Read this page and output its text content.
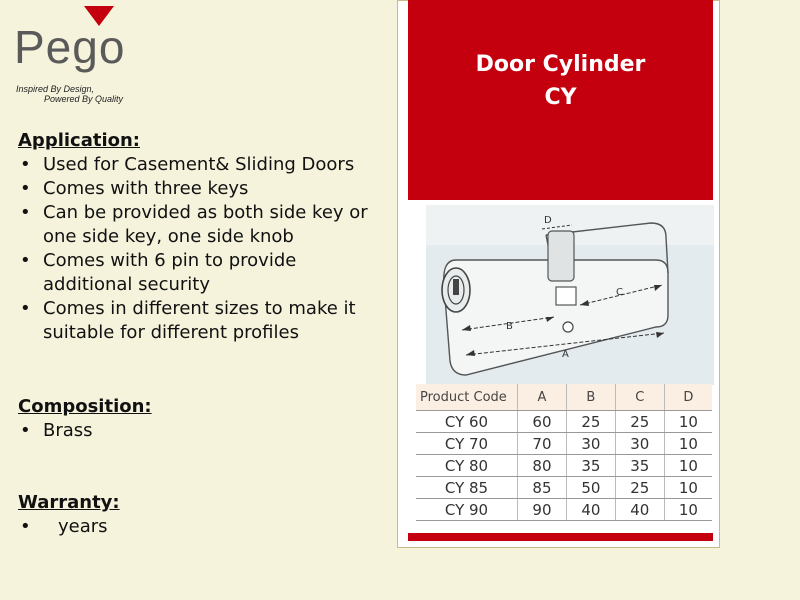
Pego
Inspired By Design,
Powered By Quality
Application:
• Used for Casement& Sliding Doors
• Comes with three keys
• Can be provided as both side key or one side key, one side knob
• Comes with 6 pin to provide additional security
• Comes in different sizes to make it suitable for different profiles
Composition:
• Brass
Warranty:
• years
Door Cylinder
CY
A
B
C
D
Product Code	A	B	C	D
CY 60	60	25	25	10
CY 70	70	30	30	10
CY 80	80	35	35	10
CY 85	85	50	25	10
CY 90	90	40	40	10
